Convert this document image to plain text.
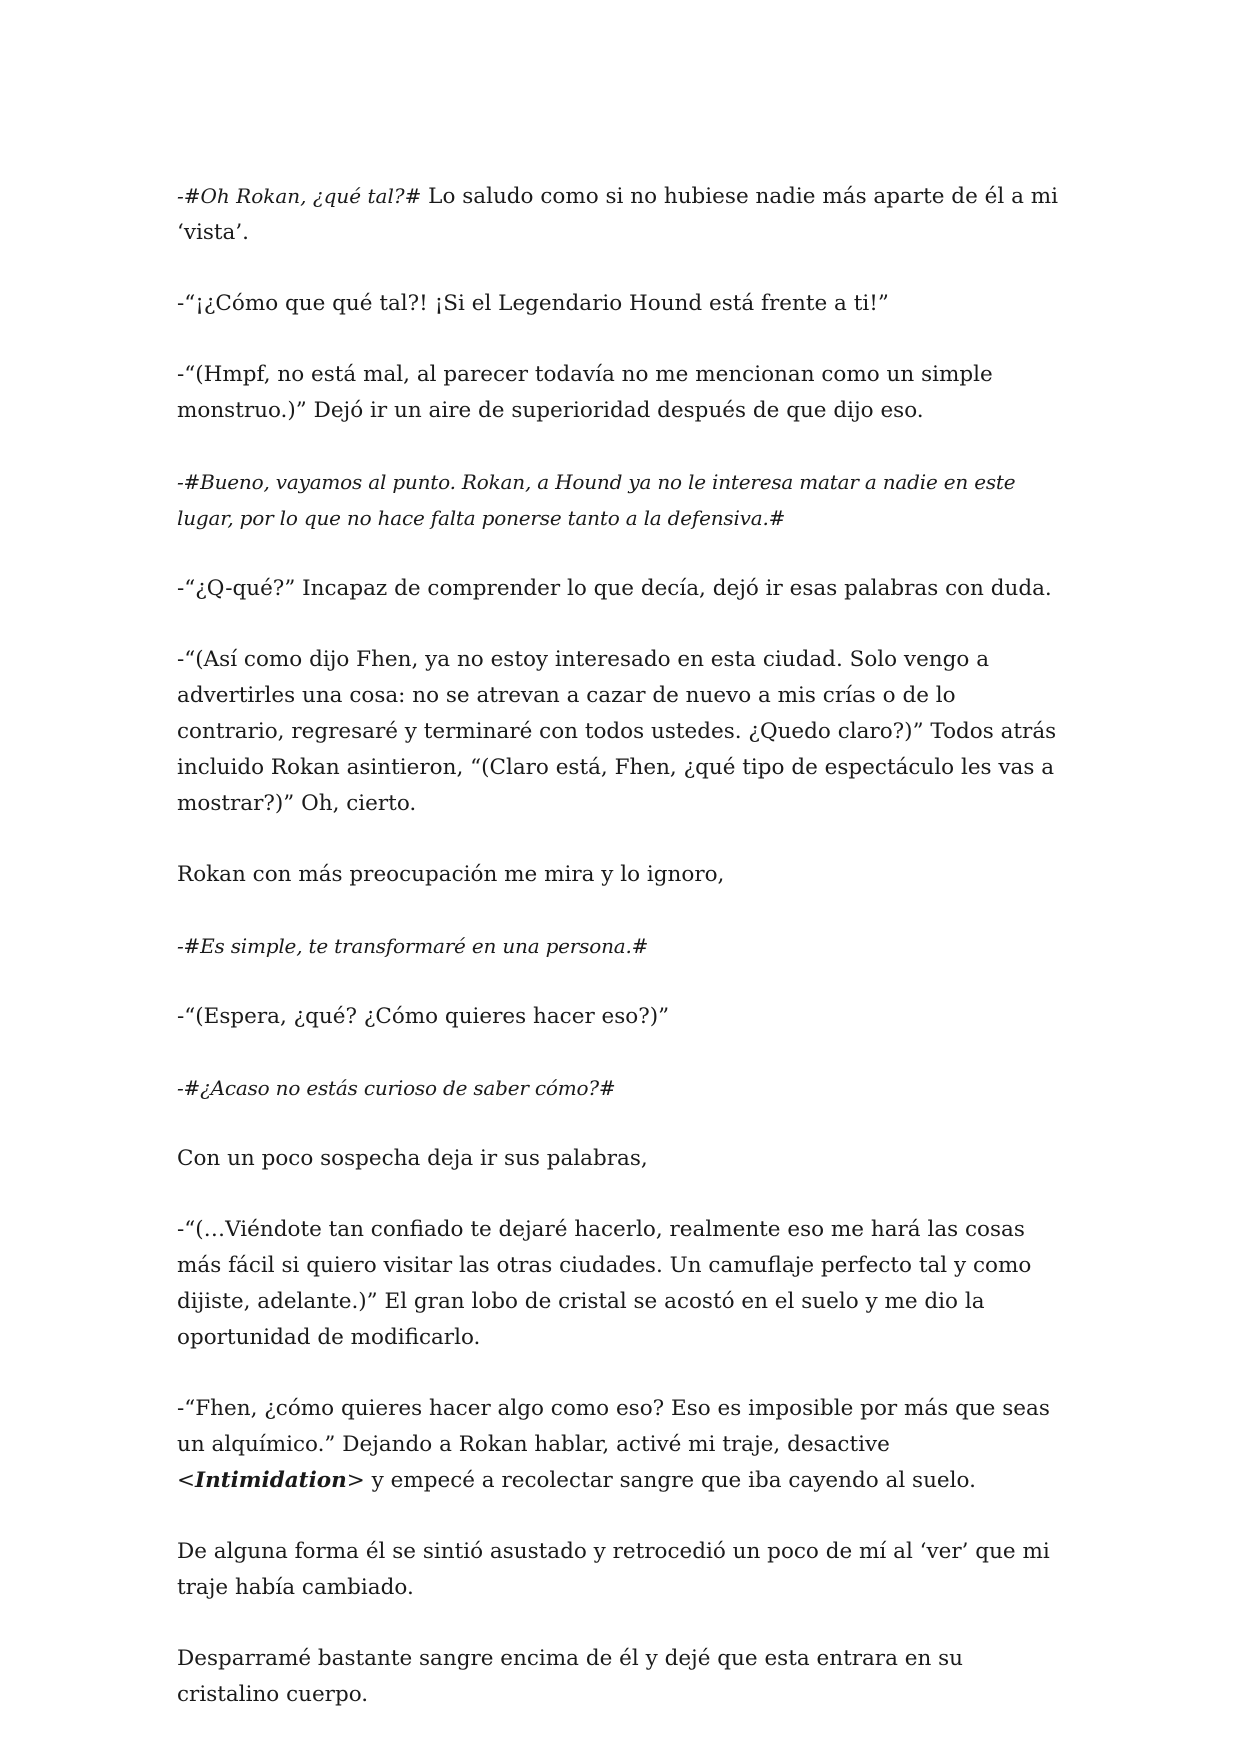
-#Oh Rokan, ¿qué tal?# Lo saludo como si no hubiese nadie más aparte de él a mi ‘vista’.

-“¡¿Cómo que qué tal?! ¡Si el Legendario Hound está frente a ti!”

-“(Hmpf, no está mal, al parecer todavía no me mencionan como un simple monstruo.)” Dejó ir un aire de superioridad después de que dijo eso.

-#Bueno, vayamos al punto. Rokan, a Hound ya no le interesa matar a nadie en este lugar, por lo que no hace falta ponerse tanto a la defensiva.#

-“¿Q-qué?” Incapaz de comprender lo que decía, dejó ir esas palabras con duda.

-“(Así como dijo Fhen, ya no estoy interesado en esta ciudad. Solo vengo a advertirles una cosa: no se atrevan a cazar de nuevo a mis crías o de lo contrario, regresaré y terminaré con todos ustedes. ¿Quedo claro?)” Todos atrás incluido Rokan asintieron, “(Claro está, Fhen, ¿qué tipo de espectáculo les vas a mostrar?)” Oh, cierto.

Rokan con más preocupación me mira y lo ignoro,

-#Es simple, te transformaré en una persona.#

-“(Espera, ¿qué? ¿Cómo quieres hacer eso?)”

-#¿Acaso no estás curioso de saber cómo?#

Con un poco sospecha deja ir sus palabras,

-“(…Viéndote tan confiado te dejaré hacerlo, realmente eso me hará las cosas más fácil si quiero visitar las otras ciudades. Un camuflaje perfecto tal y como dijiste, adelante.)” El gran lobo de cristal se acostó en el suelo y me dio la oportunidad de modificarlo.

-“Fhen, ¿cómo quieres hacer algo como eso? Eso es imposible por más que seas un alquímico.” Dejando a Rokan hablar, activé mi traje, desactive <Intimidation> y empecé a recolectar sangre que iba cayendo al suelo.

De alguna forma él se sintió asustado y retrocedió un poco de mí al ‘ver’ que mi traje había cambiado.

Desparramé bastante sangre encima de él y dejé que esta entrara en su cristalino cuerpo.
